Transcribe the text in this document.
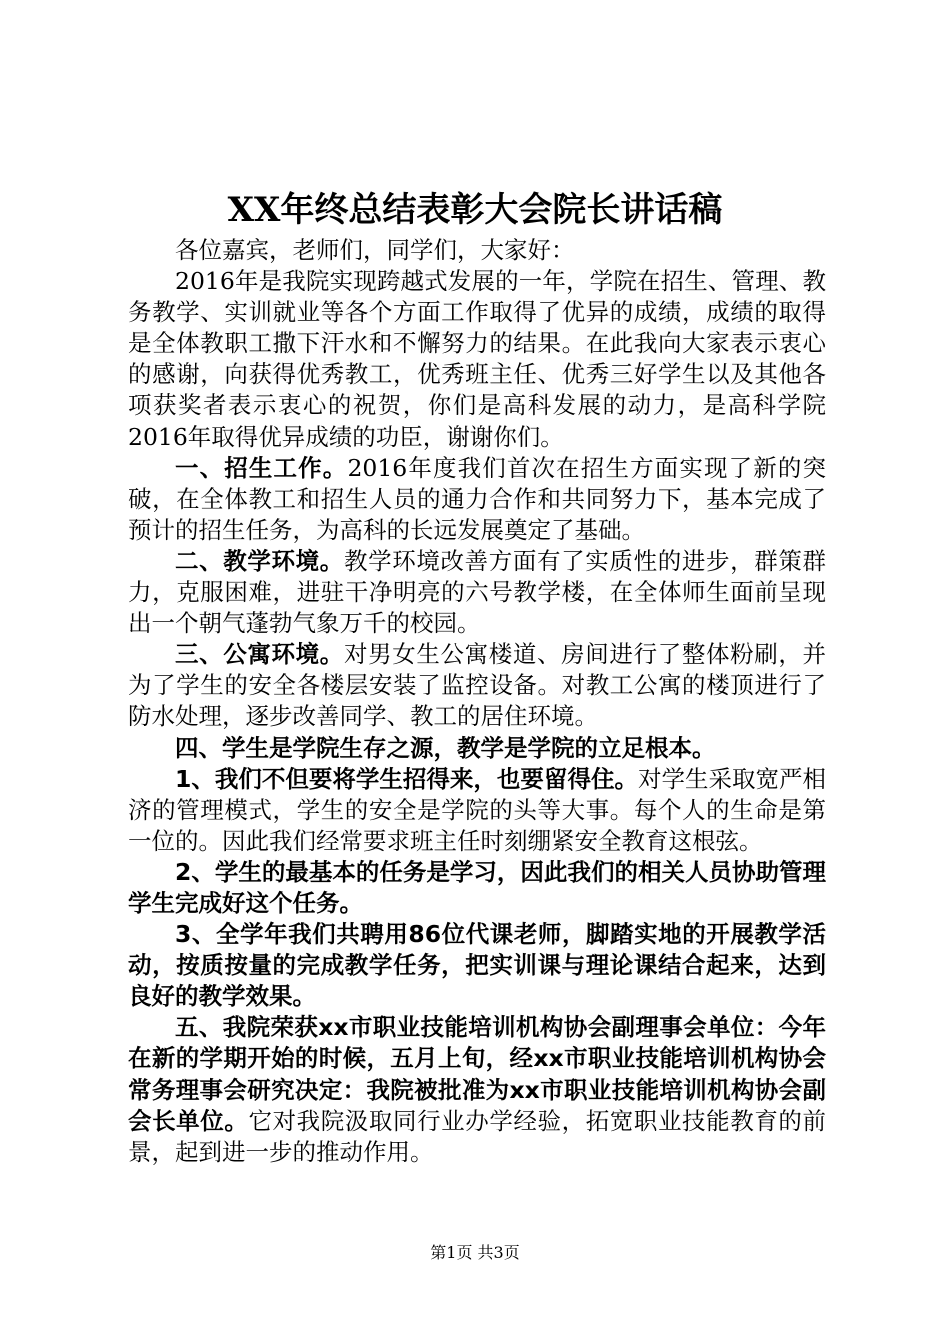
XX年终总结表彰大会院长讲话稿

各位嘉宾，老师们，同学们，大家好：

2016年是我院实现跨越式发展的一年，学院在招生、管理、教务教学、实训就业等各个方面工作取得了优异的成绩，成绩的取得是全体教职工撒下汗水和不懈努力的结果。在此我向大家表示衷心的感谢，向获得优秀教工，优秀班主任、优秀三好学生以及其他各项获奖者表示衷心的祝贺，你们是高科发展的动力，是高科学院2016年取得优异成绩的功臣，谢谢你们。

一、招生工作。2016年度我们首次在招生方面实现了新的突破，在全体教工和招生人员的通力合作和共同努力下，基本完成了预计的招生任务，为高科的长远发展奠定了基础。

二、教学环境。教学环境改善方面有了实质性的进步，群策群力，克服困难，进驻干净明亮的六号教学楼，在全体师生面前呈现出一个朝气蓬勃气象万千的校园。

三、公寓环境。对男女生公寓楼道、房间进行了整体粉刷，并为了学生的安全各楼层安装了监控设备。对教工公寓的楼顶进行了防水处理，逐步改善同学、教工的居住环境。

四、学生是学院生存之源，教学是学院的立足根本。

1、我们不但要将学生招得来，也要留得住。对学生采取宽严相济的管理模式，学生的安全是学院的头等大事。每个人的生命是第一位的。因此我们经常要求班主任时刻绷紧安全教育这根弦。

2、学生的最基本的任务是学习，因此我们的相关人员协助管理学生完成好这个任务。

3、全学年我们共聘用86位代课老师，脚踏实地的开展教学活动，按质按量的完成教学任务，把实训课与理论课结合起来，达到良好的教学效果。

五、我院荣获xx市职业技能培训机构协会副理事会单位：今年在新的学期开始的时候，五月上旬，经xx市职业技能培训机构协会常务理事会研究决定：我院被批准为xx市职业技能培训机构协会副会长单位。它对我院汲取同行业办学经验，拓宽职业技能教育的前景，起到进一步的推动作用。

第1页 共3页
